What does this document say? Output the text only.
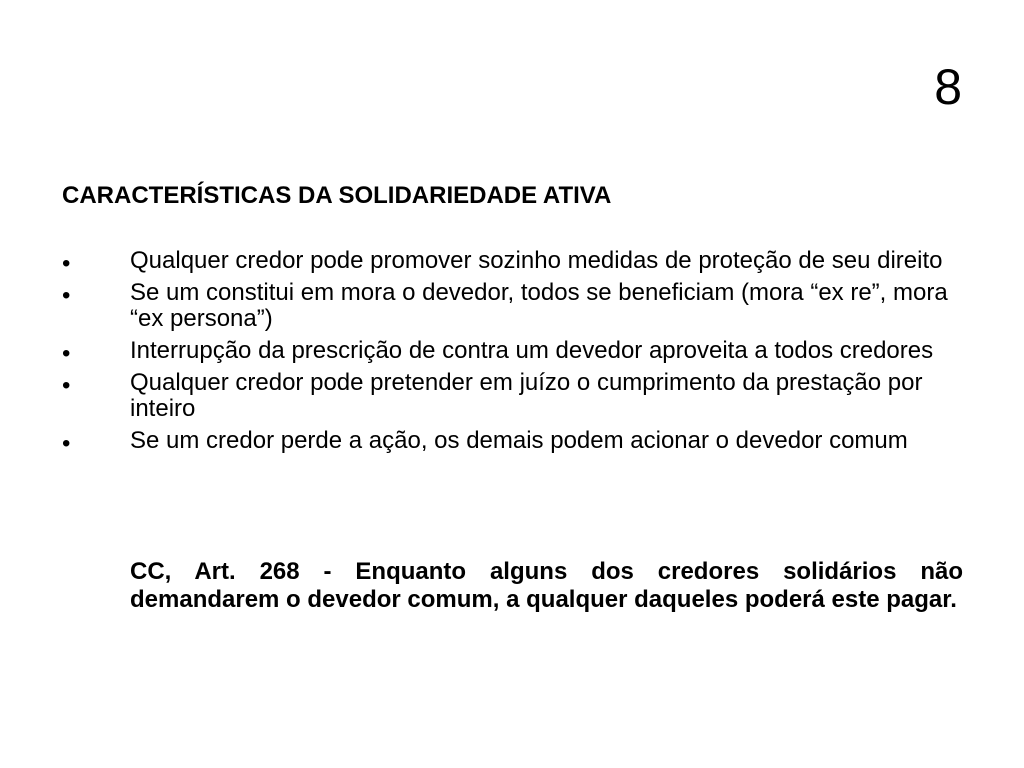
8
CARACTERÍSTICAS DA SOLIDARIEDADE ATIVA
• Qualquer credor pode promover sozinho medidas de proteção de seu direito
• Se um constitui em mora o devedor, todos se beneficiam (mora “ex re”, mora “ex persona”)
• Interrupção da prescrição de contra um devedor aproveita a todos credores
• Qualquer credor pode pretender em juízo o cumprimento da prestação por inteiro
• Se um credor perde a ação, os demais podem acionar o devedor comum
CC, Art. 268 - Enquanto alguns dos credores solidários não demandarem o devedor comum, a qualquer daqueles poderá este pagar.
